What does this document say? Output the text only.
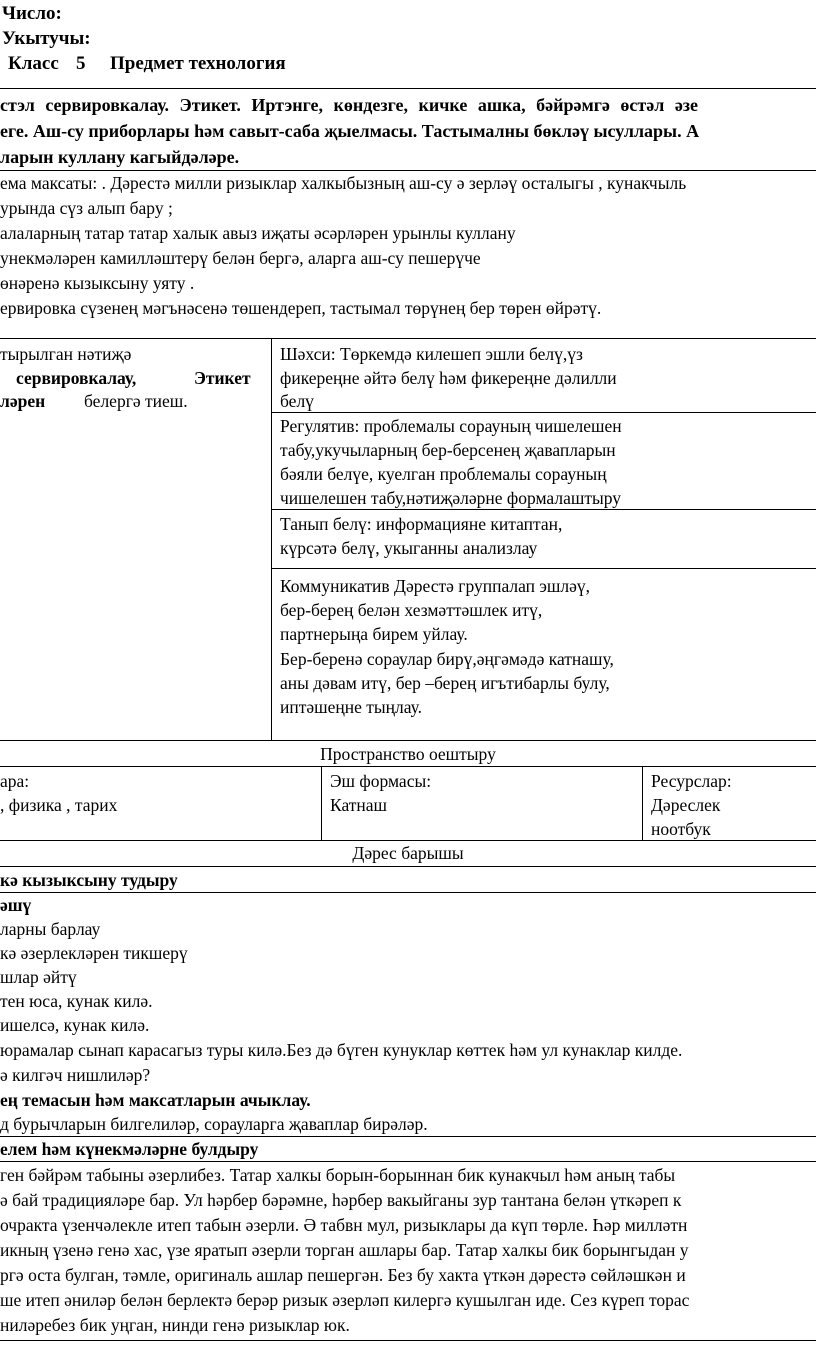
Число:
Укытучы:
Класс 5 Предмет технология
стэл сервировкалау. Этикет. Иртэнге, көндезге, кичке ашка, бәйрәмгә өстәл әзе
еге. Аш-су приборлары һәм савыт-саба җыелмасы. Тастымалны бөкләү ысуллары. А
ларын куллану кагыйдәләре.
ема максаты: . Дәрестә милли ризыклар халкыбызның аш-су ә зерләү осталыгы , кунакчыль
урында сүз алып бару ;
алаларның татар татар халык авыз иҗаты әсәрләрен урынлы куллану
унекмәләрен камилләштерү белән бергә, аларга аш-су пешерүче
өнәренә кызыксыну уяту .
ервировка сүзенең мәгънәсенә төшендереп, тастымал төрүнең бер төрен өйрәтү.
тырылган нәтиҗә
сервировкалау,	Этикет
ләрен белергә тиеш.
Шәхси: Төркемдә килешеп эшли белү,үз
фикереңне әйтә белү һәм фикереңне дәлилли
белү
Регулятив: проблемалы сорауның чишелешен
табу,укучыларның бер-берсенең җавапларын
бәяли белүе, куелган проблемалы сорауның
чишелешен табу,нәтиҗәләрне формалаштыру
Танып белү: информацияне китаптан,
күрсәтә белү, укыганны анализлау
Коммуникатив Дәрестә группалап эшләү,
бер-берең белән хезмәттәшлек итү,
партнерыңа бирем уйлау.
Бер-беренә сораулар бирү,әңгәмәдә катнашу,
аны дәвам итү, бер –берең игътибарлы булу,
иптәшеңне тыңлау.
Пространство оештыру
ара:
, физика , тарих
Эш формасы:
Катнаш
Ресурслар:
Дәреслек
ноотбук
Дәрес барышы
кә кызыксыну тудыру
әшү
ларны барлау
кә әзерлекләрен тикшерү
шлар әйтү
тен юса, кунак килә.
ишелсә, кунак килә.
юрамалар сынап карасагыз туры килә.Без дә бүген кунуклар көттек һәм ул кунаклар килде.
ә килгәч нишлиләр?
ең темасын һәм максатларын ачыклау.
д бурычларын билгелиләр, сорауларга җаваплар бирәләр.
елем һәм күнекмәләрне булдыру
ген бәйрәм табыны әзерлибез. Татар халкы борын-борыннан бик кунакчыл һәм аның табы
ә бай традицияләре бар. Ул һәрбер бәрәмне, һәрбер вакыйганы зур тантана белән үткәреп к
очракта үзенчәлекле итеп табын әзерли. Ә табвн мул, ризыклары да күп төрле. Һәр милләтн
икның үзенә генә хас, үзе яратып әзерли торган ашлары бар. Татар халкы бик борынгыдан у
ргә оста булган, тәмле, оригиналь ашлар пешергән. Без бу хакта үткән дәрестә сөйләшкән и
ше итеп әниләр белән берлектә берәр ризык әзерләп килергә кушылган иде. Сез күреп торас
ниләребез бик уңган, нинди генә ризыклар юк.
